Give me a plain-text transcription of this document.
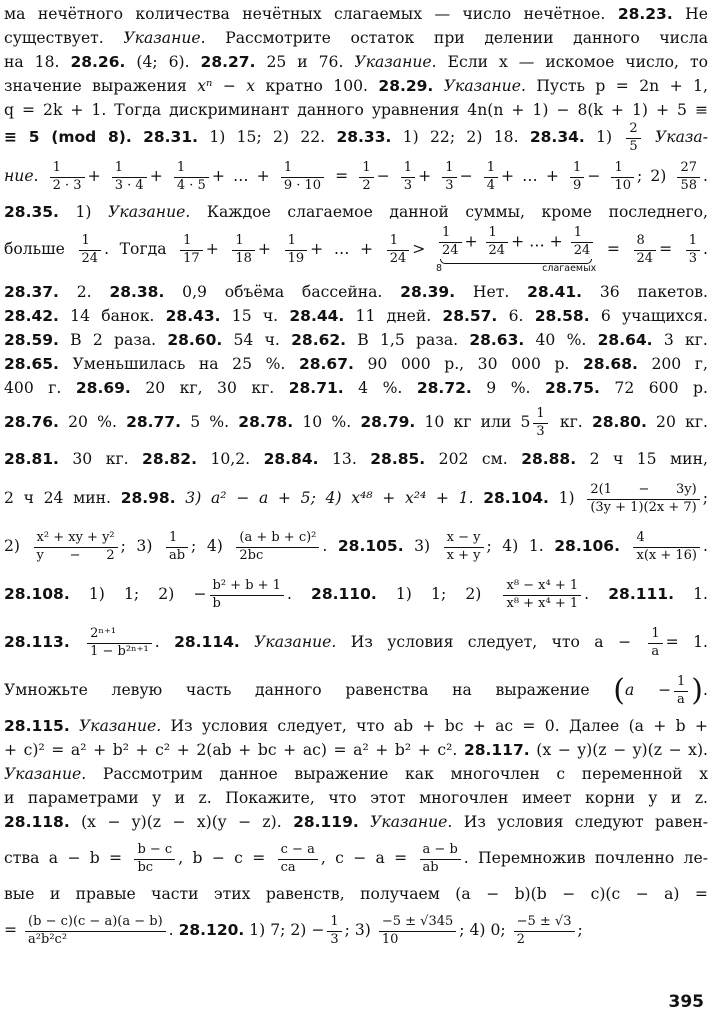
ма нечётного количества нечётных слагаемых — число нечётное. 28.23. Не
существует. Указание. Рассмотрите остаток при делении данного числа
на 18. 28.26. (4; 6). 28.27. 25 и 76. Указание. Если x — искомое число, то
значение выражения xⁿ − x кратно 100. 28.29. Указание. Пусть p = 2n + 1,
q = 2k + 1. Тогда дискриминант данного уравнения 4n(n + 1) − 8(k + 1) + 5 ≡
≡ 5 (mod 8). 28.31. 1) 15; 2) 22. 28.33. 1) 22; 2) 18. 28.34. $1) \frac{2}{5}$ Указа-
ние. $\frac{1}{2 \cdot 3} + \frac{1}{3 \cdot 4} + \frac{1}{4 \cdot 5}$ + … + $\frac{1}{9 \cdot 10} = \frac{1}{2} - \frac{1}{3} + \frac{1}{3} - \frac{1}{4}$ + … + $\frac{1}{9} - \frac{1}{10}$ ; $2) \frac{27}{58}$ .
28.35. 1) Указание. Каждое слагаемое данной суммы, кроме последнего,
больше $\frac{1}{24}$ . Тогда $\frac{1}{17} + \frac{1}{18} + \frac{1}{19}$ + … + $\frac{1}{24} > \frac{1}{24} + \frac{1}{24}$ + … + $\frac{1}{24}$
8 слагаемых
= $\frac{8}{24} = \frac{1}{3}$ .
28.37. 2. 28.38. 0,9 объёма бассейна. 28.39. Нет. 28.41. 36 пакетов.
28.42. 14 банок. 28.43. 15 ч. 28.44. 11 дней. 28.57. 6. 28.58. 6 учащихся.
28.59. В 2 раза. 28.60. 54 ч. 28.62. В 1,5 раза. 28.63. 40 %. 28.64. 3 кг.
28.65. Уменьшилась на 25 %. 28.67. 90 000 р., 30 000 р. 28.68. 200 г,
400 г. 28.69. 20 кг, 30 кг. 28.71. 4 %. 28.72. 9 %. 28.75. 72 600 р.
28.76. 20 %. 28.77. 5 %. 28.78. 10 %. 28.79. 10 кг или $5 \frac{1}{3}$ кг. 28.80. 20 кг.
28.81. 30 кг. 28.82. 10,2. 28.84. 13. 28.85. 202 см. 28.88. 2 ч 15 мин,
2 ч 24 мин. 28.98. 3) a² − a + 5; 4) x⁴⁸ + x²⁴ + 1. 28.104. $1) \frac{2(1 - 3y)}{(3y + 1)(2x + 7)}$ ;
$2) \frac{\text{x² + xy + y²}}{y - 2}$ ; $3) \frac{1}{ab}$ ; $4) \frac{\text{(a + b + c)²}}{2bc}$ . 28.105. $3) \frac{x - y}{x + y}$ ; 4) 1. 28.106. $\frac{4}{x(x + 16)}$ .
28.108. 1) 1; $2) - \frac{\text{b² + b + 1}}{b}$ . 28.110. 1) 1; $2) \frac{\text{x⁸ − x⁴ + 1}}{\text{x⁸ + x⁴ + 1}}$ . 28.111. 1.
28.113. $\frac{\text{2ⁿ⁺¹}}{\text{1 − b²ⁿ⁺¹}}$ . 28.114. Указание. Из условия следует, что $a - \frac{1}{a} = 1$.
Умножьте левую часть данного равенства на выражение ($a - \frac{1}{a}$ ).
28.115. Указание. Из условия следует, что ab + bc + ac = 0. Далее (a + b +
+ c)² = a² + b² + c² + 2(ab + bc + ac) = a² + b² + c². 28.117. (x − y)(z − y)(z − x).
Указание. Рассмотрим данное выражение как многочлен с переменной x
и параметрами y и z. Покажите, что этот многочлен имеет корни y и z.
28.118. (x − y)(z − x)(y − z). 28.119. Указание. Из условия следуют равен-
ства $a - b = \frac{b - c}{bc}$ , $b - c = \frac{c - a}{ca}$ , $c - a = \frac{a - b}{ab}$ . Перемножив почленно ле-
вые и правые части этих равенств, получаем (a − b)(b − c)(c − a) =
= $\frac{(b - c)(c - a)(a - b)}{\text{a²b²c²}}$ . 28.120. 1) 7; $2) - \frac{1}{3}$ ; $3) \frac{-5 \pm √345}{10}$ ; 4) 0; $\frac{-5 \pm √3}{2}$ ;
395
